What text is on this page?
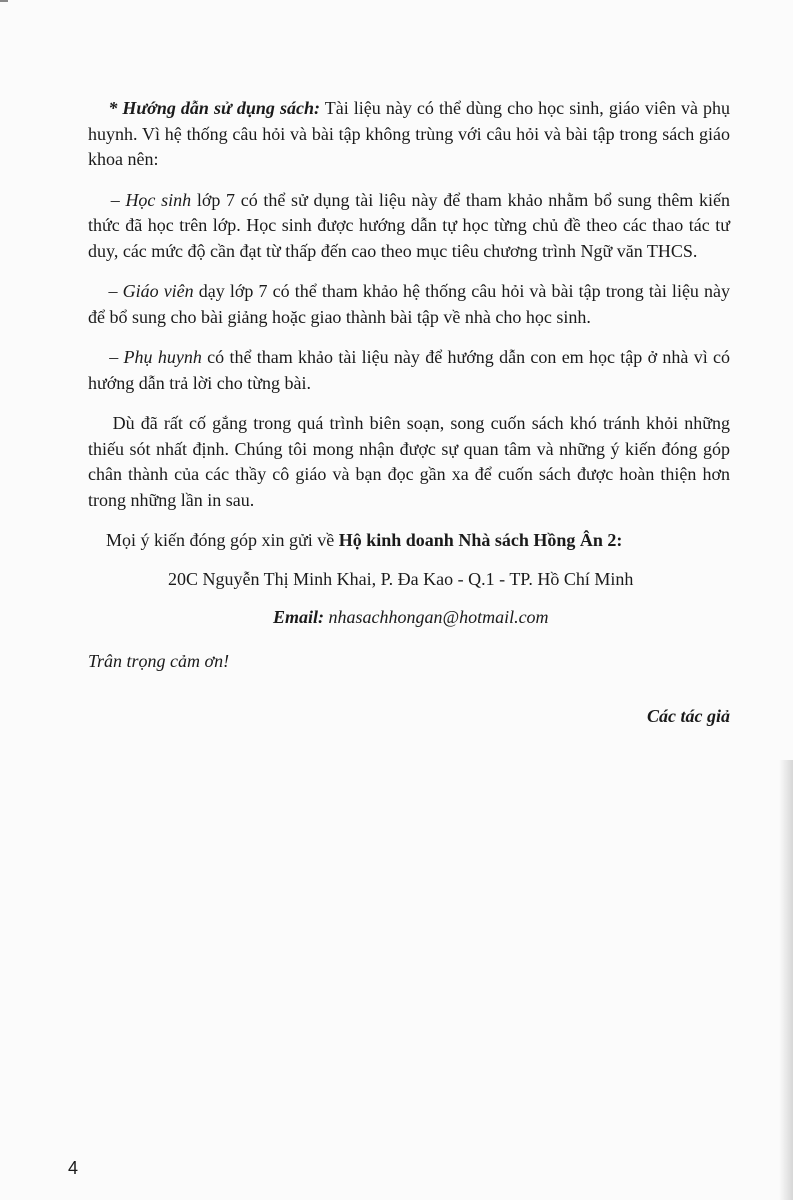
* Hướng dẫn sử dụng sách: Tài liệu này có thể dùng cho học sinh, giáo viên và phụ huynh. Vì hệ thống câu hỏi và bài tập không trùng với câu hỏi và bài tập trong sách giáo khoa nên:

– Học sinh lớp 7 có thể sử dụng tài liệu này để tham khảo nhằm bổ sung thêm kiến thức đã học trên lớp. Học sinh được hướng dẫn tự học từng chủ đề theo các thao tác tư duy, các mức độ cần đạt từ thấp đến cao theo mục tiêu chương trình Ngữ văn THCS.

– Giáo viên dạy lớp 7 có thể tham khảo hệ thống câu hỏi và bài tập trong tài liệu này để bổ sung cho bài giảng hoặc giao thành bài tập về nhà cho học sinh.

– Phụ huynh có thể tham khảo tài liệu này để hướng dẫn con em học tập ở nhà vì có hướng dẫn trả lời cho từng bài.

Dù đã rất cố gắng trong quá trình biên soạn, song cuốn sách khó tránh khỏi những thiếu sót nhất định. Chúng tôi mong nhận được sự quan tâm và những ý kiến đóng góp chân thành của các thầy cô giáo và bạn đọc gần xa để cuốn sách được hoàn thiện hơn trong những lần in sau.

Mọi ý kiến đóng góp xin gửi về Hộ kinh doanh Nhà sách Hồng Ân 2:

20C Nguyễn Thị Minh Khai, P. Đa Kao - Q.1 - TP. Hồ Chí Minh

Email: nhasachhongan@hotmail.com

Trân trọng cảm ơn!

Các tác giả

4
